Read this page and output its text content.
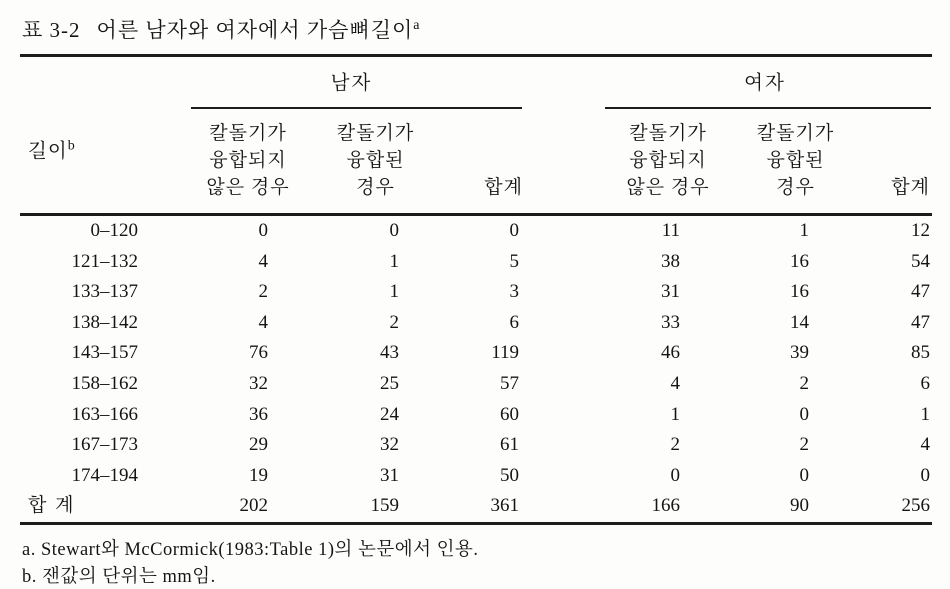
표 3-2 어른 남자와 여자에서 가슴뼈길이$^a$

	남자				여자		

길이$^b$	
칼돌기가
융합되지
않은 경우

칼돌기가
융합된
경우	합계

칼돌기가
융합되지
않은 경우

칼돌기가
융합된
경우	합계

0–120	0	0	0		11	1	12
121–132	4	1	5		38	16	54
133–137	2	1	3		31	16	47
138–142	4	2	6		33	14	47
143–157	76	43	119		46	39	85
158–162	32	25	57		4	2	6
163–166	36	24	60		1	0	1
167–173	29	32	61		2	2	4
174–194	19	31	50		0	0	0
합 계	202	159	361		166	90	256
a. Stewart와 McCormick(1983:Table 1)의 논문에서 인용.
b. 잰값의 단위는 mm임.
